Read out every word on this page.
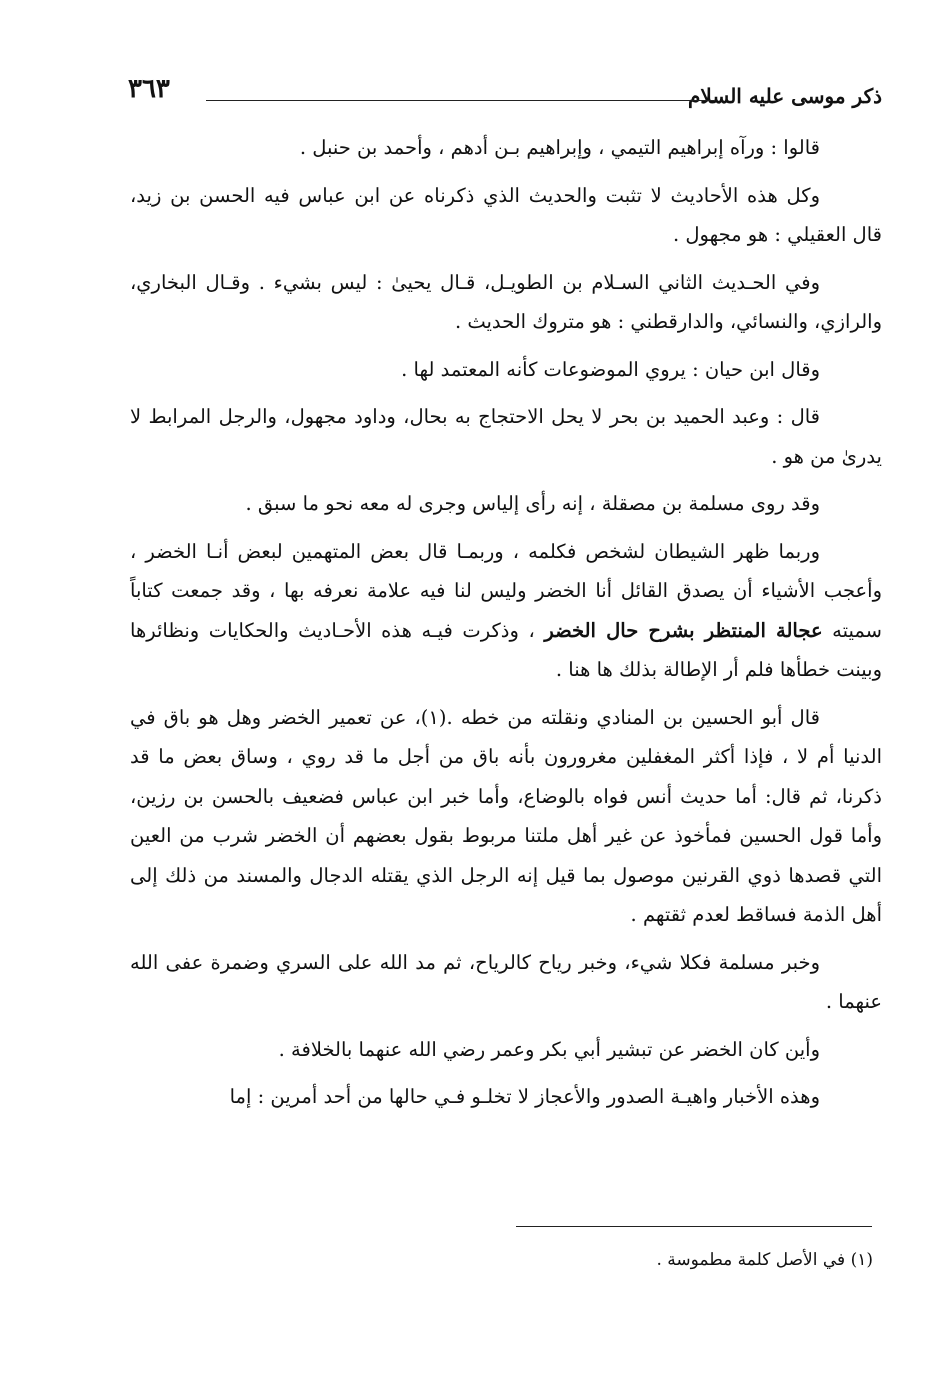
ذكر موسى عليه السلام
٣٦٣

قالوا : ورآه إبراهيم التيمي ، وإبراهيم بـن أدهم ، وأحمد بن حنبل .

وكل هذه الأحاديث لا تثبت والحديث الذي ذكرناه عن ابن عباس فيه الحسن بن زيد، قال العقيلي : هو مجهول .

وفي الحـديث الثاني السـلام بن الطويـل، قـال يحيىٰ : ليس بشيء . وقـال البخاري، والرازي، والنسائي، والدارقطني : هو متروك الحديث .

وقال ابن حيان : يروي الموضوعات كأنه المعتمد لها .

قال : وعبد الحميد بن بحر لا يحل الاحتجاج به بحال، وداود مجهول، والرجل المرابط لا يدرىٰ من هو .

وقد روى مسلمة بن مصقلة ، إنه رأى إلياس وجرى له معه نحو ما سبق .

وربما ظهر الشيطان لشخص فكلمه ، وربمـا قال بعض المتهمين لبعض أنـا الخضر ، وأعجب الأشياء أن يصدق القائل أنا الخضر وليس لنا فيه علامة نعرفه بها ، وقد جمعت كتاباً سميته عجالة المنتظر بشرح حال الخضر ، وذكرت فيـه هذه الأحـاديث والحكايات ونظائرها وبينت خطأها فلم أر الإطالة بذلك ها هنا .

قال أبو الحسين بن المنادي ونقلته من خطه .(١)، عن تعمير الخضر وهل هو باق في الدنيا أم لا ، فإذا أكثر المغفلين مغرورون بأنه باق من أجل ما قد روي ، وساق بعض ما قد ذكرنا، ثم قال: أما حديث أنس فواه بالوضاع، وأما خبر ابن عباس فضعيف بالحسن بن رزين، وأما قول الحسين فمأخوذ عن غير أهل ملتنا مربوط بقول بعضهم أن الخضر شرب من العين التي قصدها ذوي القرنين موصول بما قيل إنه الرجل الذي يقتله الدجال والمسند من ذلك إلى أهل الذمة فساقط لعدم ثقتهم .

وخبر مسلمة فكلا شيء، وخبر رياح كالرياح، ثم مد الله على السري وضمرة عفى الله عنهما .

وأين كان الخضر عن تبشير أبي بكر وعمر رضي الله عنهما بالخلافة .

وهذه الأخبار واهيـة الصدور والأعجاز لا تخلـو فـي حالها من أحد أمرين : إما

(١) في الأصل كلمة مطموسة .
